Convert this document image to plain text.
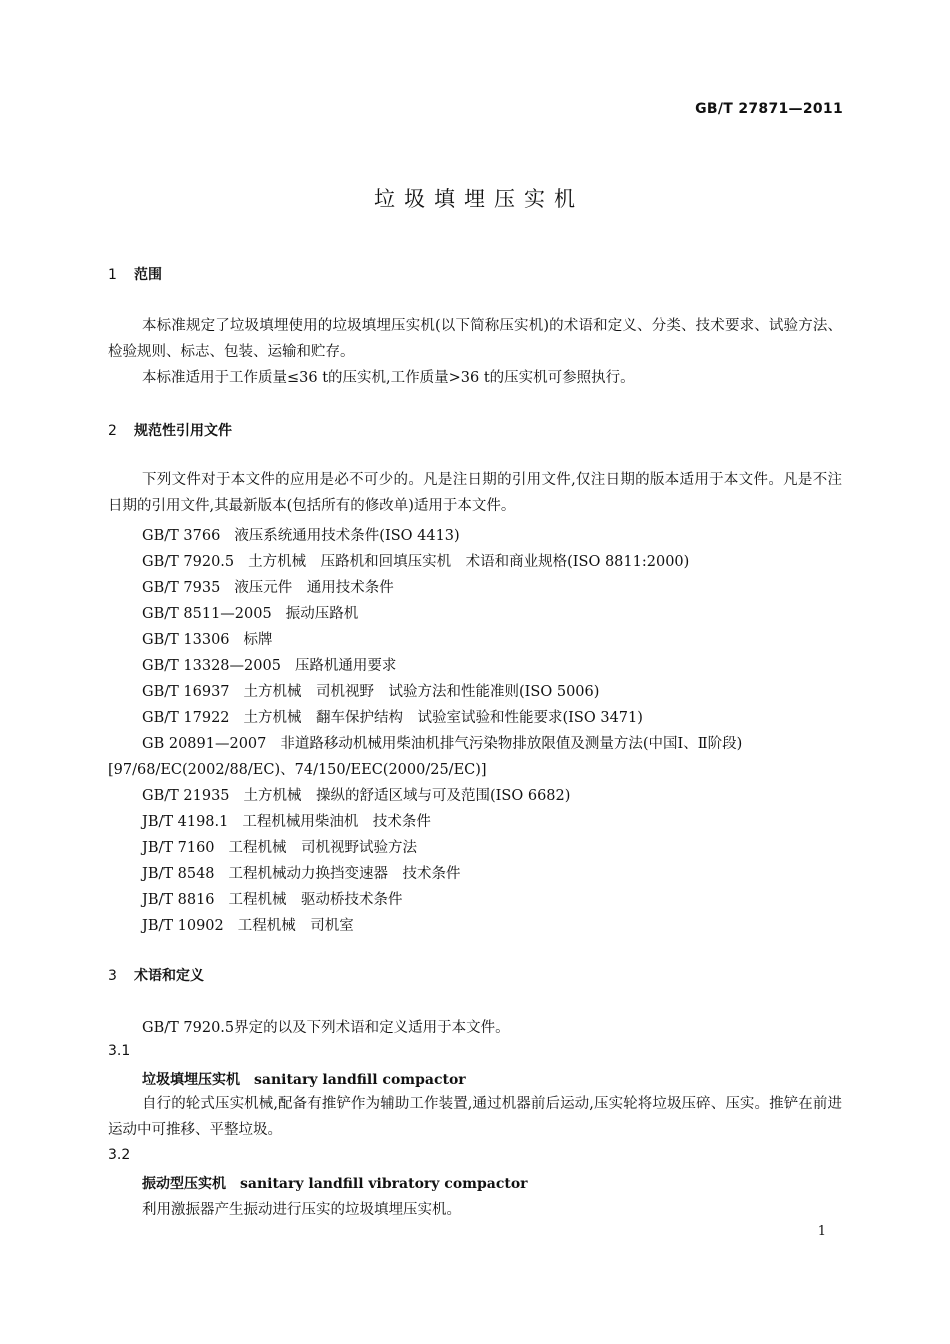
GB/T 27871—2011
垃圾填埋压实机
1 范围
本标准规定了垃圾填埋使用的垃圾填埋压实机(以下简称压实机)的术语和定义、分类、技术要求、试验方法、检验规则、标志、包装、运输和贮存。
本标准适用于工作质量≤36 t的压实机,工作质量>36 t的压实机可参照执行。
2 规范性引用文件
下列文件对于本文件的应用是必不可少的。凡是注日期的引用文件,仅注日期的版本适用于本文件。凡是不注日期的引用文件,其最新版本(包括所有的修改单)适用于本文件。
GB/T 3766 液压系统通用技术条件(ISO 4413)
GB/T 7920.5 土方机械　压路机和回填压实机　术语和商业规格(ISO 8811:2000)
GB/T 7935 液压元件　通用技术条件
GB/T 8511—2005 振动压路机
GB/T 13306 标牌
GB/T 13328—2005 压路机通用要求
GB/T 16937 土方机械　司机视野　试验方法和性能准则(ISO 5006)
GB/T 17922 土方机械　翻车保护结构　试验室试验和性能要求(ISO 3471)
GB 20891—2007 非道路移动机械用柴油机排气污染物排放限值及测量方法(中国Ⅰ、Ⅱ阶段)
[97/68/EC(2002/88/EC)、74/150/EEC(2000/25/EC)]
GB/T 21935 土方机械　操纵的舒适区域与可及范围(ISO 6682)
JB/T 4198.1 工程机械用柴油机　技术条件
JB/T 7160 工程机械　司机视野试验方法
JB/T 8548 工程机械动力换挡变速器　技术条件
JB/T 8816 工程机械　驱动桥技术条件
JB/T 10902 工程机械　司机室
3 术语和定义
GB/T 7920.5界定的以及下列术语和定义适用于本文件。
3.1
垃圾填埋压实机 sanitary landfill compactor
自行的轮式压实机械,配备有推铲作为辅助工作装置,通过机器前后运动,压实轮将垃圾压碎、压实。推铲在前进运动中可推移、平整垃圾。
3.2
振动型压实机 sanitary landfill vibratory compactor
利用激振器产生振动进行压实的垃圾填埋压实机。
1
